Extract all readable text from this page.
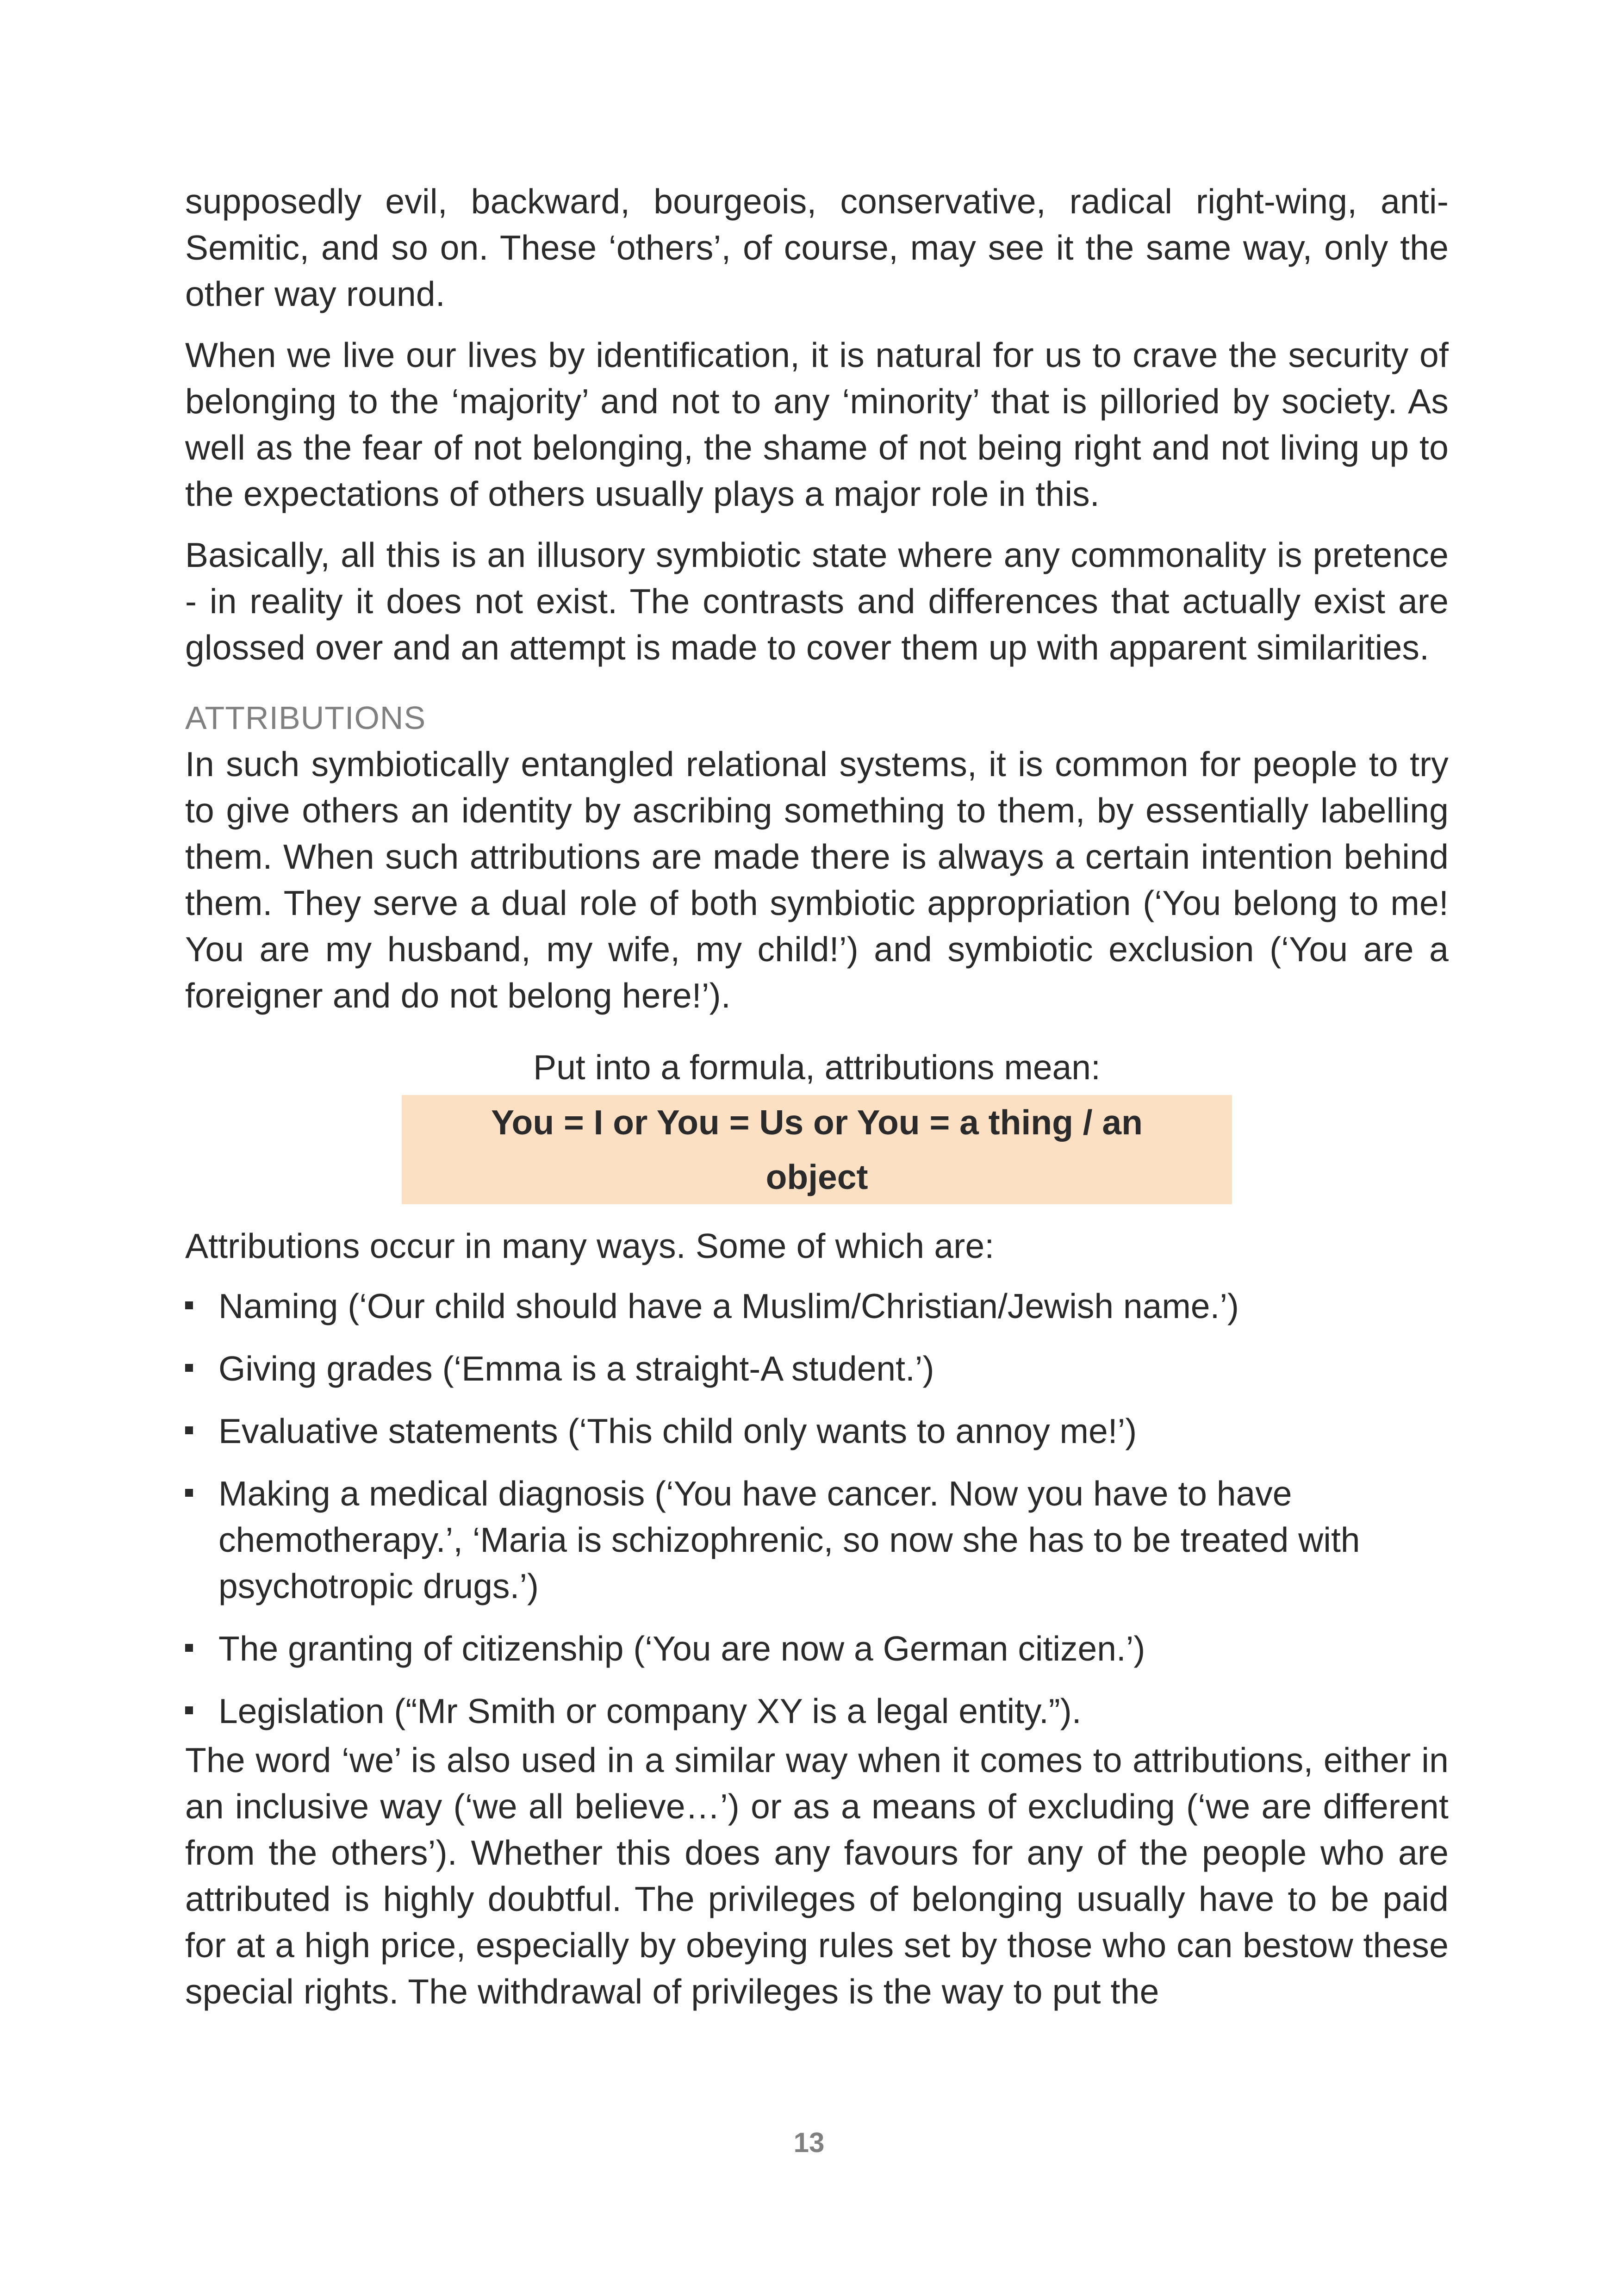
supposedly evil, backward, bourgeois, conservative, radical right-wing, anti-Semitic, and so on. These ‘others’, of course, may see it the same way, only the other way round.

When we live our lives by identification, it is natural for us to crave the security of belonging to the ‘majority’ and not to any ‘minority’ that is pilloried by society. As well as the fear of not belonging, the shame of not being right and not living up to the expectations of others usually plays a major role in this.

Basically, all this is an illusory symbiotic state where any commonality is pretence - in reality it does not exist. The contrasts and differences that actually exist are glossed over and an attempt is made to cover them up with apparent similarities.

ATTRIBUTIONS

In such symbiotically entangled relational systems, it is common for people to try to give others an identity by ascribing something to them, by essentially labelling them. When such attributions are made there is always a certain intention behind them. They serve a dual role of both symbiotic appropriation (‘You belong to me! You are my husband, my wife, my child!’) and symbiotic exclusion (‘You are a foreigner and do not belong here!’).

Put into a formula, attributions mean:
You = I or You = Us or You = a thing / an object

Attributions occur in many ways. Some of which are:

Naming (‘Our child should have a Muslim/Christian/Jewish name.’)
Giving grades (‘Emma is a straight-A student.’)
Evaluative statements (‘This child only wants to annoy me!’)
Making a medical diagnosis (‘You have cancer. Now you have to have chemotherapy.’, ‘Maria is schizophrenic, so now she has to be treated with psychotropic drugs.’)
The granting of citizenship (‘You are now a German citizen.’)
Legislation (“Mr Smith or company XY is a legal entity.”).

The word ‘we’ is also used in a similar way when it comes to attributions, either in an inclusive way (‘we all believe…’) or as a means of excluding (‘we are different from the others’). Whether this does any favours for any of the people who are attributed is highly doubtful. The privileges of belonging usually have to be paid for at a high price, especially by obeying rules set by those who can bestow these special rights. The withdrawal of privileges is the way to put the

13
